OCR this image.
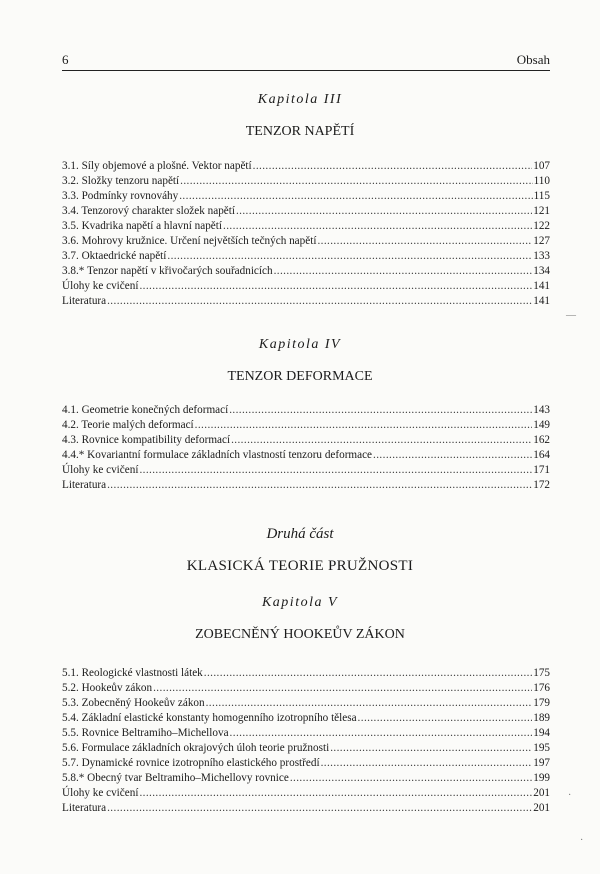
6	Obsah
Kapitola III
TENZOR NAPĚTÍ
3.1. Síly objemové a plošné. Vektor napětí .....	107
3.2. Složky tenzoru napětí .....	110
3.3. Podmínky rovnováhy .....	115
3.4. Tenzorový charakter složek napětí .....	121
3.5. Kvadrika napětí a hlavní napětí .....	122
3.6. Mohrovy kružnice. Určení největších tečných napětí .....	127
3.7. Oktaedrické napětí .....	133
3.8.* Tenzor napětí v křivočarých souřadnicích .....	134
Úlohy ke cvičení .....	141
Literatura .....	141
Kapitola IV
TENZOR DEFORMACE
4.1. Geometrie konečných deformací .....	143
4.2. Teorie malých deformací .....	149
4.3. Rovnice kompatibility deformací .....	162
4.4.* Kovariantní formulace základních vlastností tenzoru deformace .....	164
Úlohy ke cvičení .....	171
Literatura .....	172
Druhá část
KLASICKÁ TEORIE PRUŽNOSTI
Kapitola V
ZOBECNĚNÝ HOOKEŮV ZÁKON
5.1. Reologické vlastnosti látek .....	175
5.2. Hookeův zákon .....	176
5.3. Zobecněný Hookeův zákon .....	179
5.4. Základní elastické konstanty homogenního izotropního tělesa .....	189
5.5. Rovnice Beltramiho–Michellova .....	194
5.6. Formulace základních okrajových úloh teorie pružnosti .....	195
5.7. Dynamické rovnice izotropního elastického prostředí .....	197
5.8.* Obecný tvar Beltramiho–Michellovy rovnice .....	199
Úlohy ke cvičení .....	201
Literatura .....	201
—
·
·
